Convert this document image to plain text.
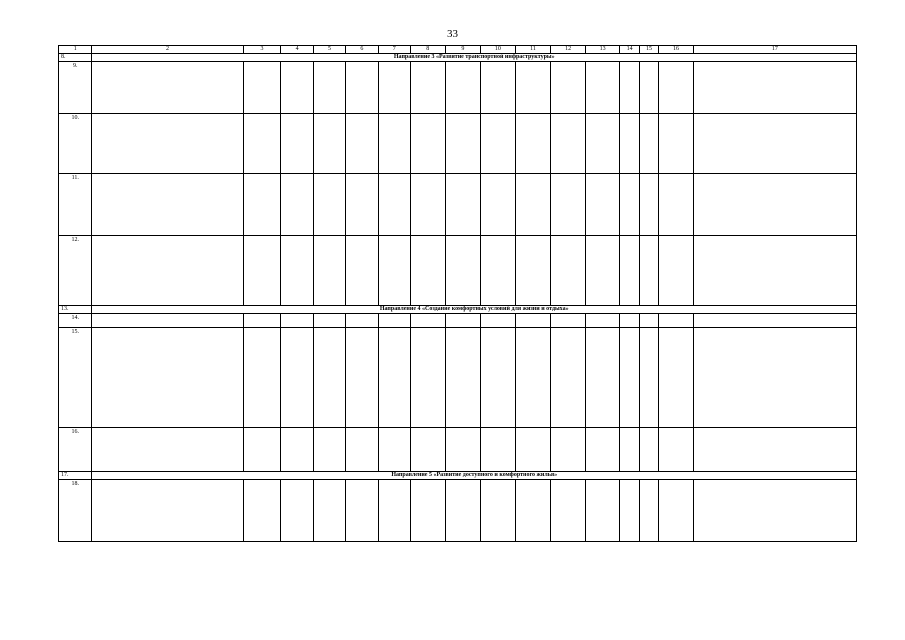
33
1	2	3	4	5	6	7	8	9	10	11	12	13	14	15	16	17
8.	Направление 3 «Развитие транспортной инфраструктуры»															
9.																
10.																
11.																
12.																
13.	Направление 4 «Создание комфортных условий для жизни и отдыха»															
14.																
15.																
16.																
17.	Направление 5 «Развитие доступного и комфортного жилья»															
18.																
